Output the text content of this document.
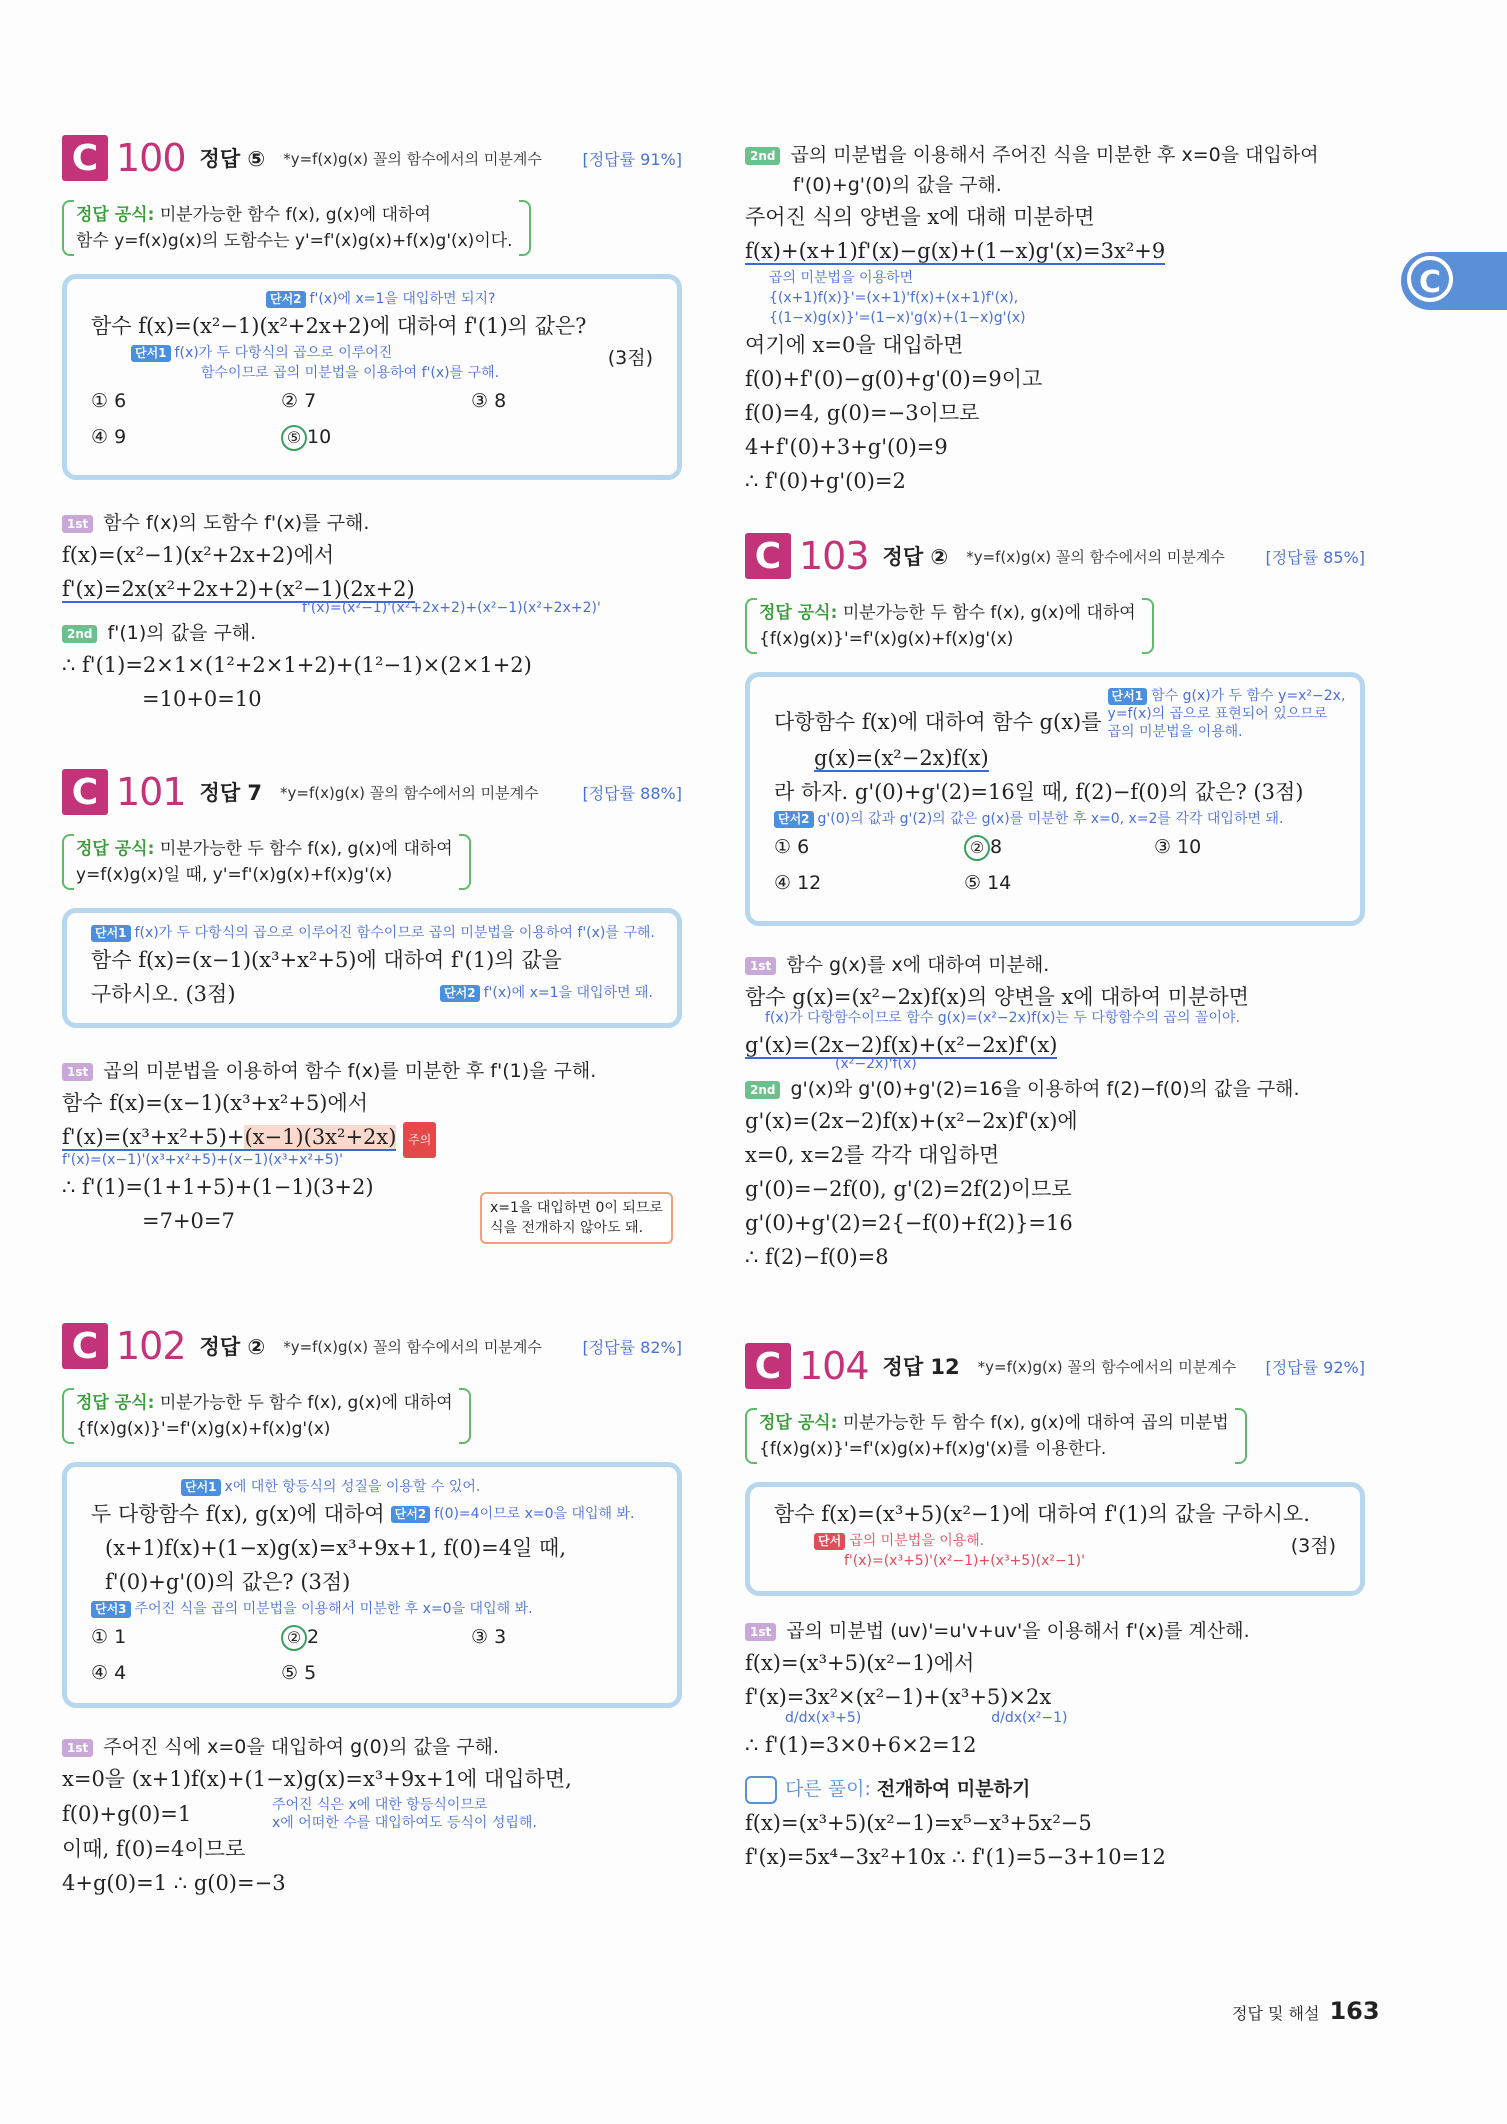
C
C 100 정답 ⑤ *y=f(x)g(x) 꼴의 함수에서의 미분계수	[정답률 91%]
정답 공식: 미분가능한 함수 f(x), g(x)에 대하여
함수 y=f(x)g(x)의 도함수는 y'=f'(x)g(x)+f(x)g'(x)이다.
단서2 f'(x)에 x=1을 대입하면 되지?
함수 f(x)=(x²−1)(x²+2x+2)에 대하여 f'(1)의 값은?
단서1 f(x)가 두 다항식의 곱으로 이루어진
함수이므로 곱의 미분법을 이용하여 f'(x)를 구해.
(3점)
① 6	② 7	③ 8
④ 9	⑤ 10
1st 함수 f(x)의 도함수 f'(x)를 구해.
f(x)=(x²−1)(x²+2x+2)에서
f'(x)=2x(x²+2x+2)+(x²−1)(2x+2)
f'(x)=(x²−1)'(x²+2x+2)+(x²−1)(x²+2x+2)'
2nd f'(1)의 값을 구해.
∴ f'(1)=2×1×(1²+2×1+2)+(1²−1)×(2×1+2)
=10+0=10
C 101 정답 7 *y=f(x)g(x) 꼴의 함수에서의 미분계수	[정답률 88%]
정답 공식: 미분가능한 두 함수 f(x), g(x)에 대하여
y=f(x)g(x)일 때, y'=f'(x)g(x)+f(x)g'(x)
단서1 f(x)가 두 다항식의 곱으로 이루어진 함수이므로 곱의 미분법을 이용하여 f'(x)를 구해.
함수 f(x)=(x−1)(x³+x²+5)에 대하여 f'(1)의 값을
구하시오. (3점)	단서2 f'(x)에 x=1을 대입하면 돼.
1st 곱의 미분법을 이용하여 함수 f(x)를 미분한 후 f'(1)을 구해.
함수 f(x)=(x−1)(x³+x²+5)에서
f'(x)=(x³+x²+5)+(x−1)(3x²+2x) 주의
f'(x)=(x−1)'(x³+x²+5)+(x−1)(x³+x²+5)'
x=1을 대입하면 0이 되므로
식을 전개하지 않아도 돼.
∴ f'(1)=(1+1+5)+(1−1)(3+2)
=7+0=7
C 102 정답 ② *y=f(x)g(x) 꼴의 함수에서의 미분계수	[정답률 82%]
정답 공식: 미분가능한 두 함수 f(x), g(x)에 대하여
{f(x)g(x)}'=f'(x)g(x)+f(x)g'(x)
단서1 x에 대한 항등식의 성질을 이용할 수 있어.
두 다항함수 f(x), g(x)에 대하여 단서2 f(0)=4이므로 x=0을 대입해 봐.
(x+1)f(x)+(1−x)g(x)=x³+9x+1, f(0)=4일 때,
f'(0)+g'(0)의 값은? (3점)
단서3 주어진 식을 곱의 미분법을 이용해서 미분한 후 x=0을 대입해 봐.
① 1	② 2	③ 3
④ 4	⑤ 5
1st 주어진 식에 x=0을 대입하여 g(0)의 값을 구해.
x=0을 (x+1)f(x)+(1−x)g(x)=x³+9x+1에 대입하면,
f(0)+g(0)=1	주어진 식은 x에 대한 항등식이므로
x에 어떠한 수를 대입하여도 등식이 성립해.
이때, f(0)=4이므로
4+g(0)=1 ∴ g(0)=−3
2nd 곱의 미분법을 이용해서 주어진 식을 미분한 후 x=0을 대입하여
f'(0)+g'(0)의 값을 구해.
주어진 식의 양변을 x에 대해 미분하면
f(x)+(x+1)f'(x)−g(x)+(1−x)g'(x)=3x²+9
곱의 미분법을 이용하면
{(x+1)f(x)}'=(x+1)'f(x)+(x+1)f'(x),
{(1−x)g(x)}'=(1−x)'g(x)+(1−x)g'(x)
여기에 x=0을 대입하면
f(0)+f'(0)−g(0)+g'(0)=9이고
f(0)=4, g(0)=−3이므로
4+f'(0)+3+g'(0)=9
∴ f'(0)+g'(0)=2
C 103 정답 ② *y=f(x)g(x) 꼴의 함수에서의 미분계수	[정답률 85%]
정답 공식: 미분가능한 두 함수 f(x), g(x)에 대하여
{f(x)g(x)}'=f'(x)g(x)+f(x)g'(x)
다항함수 f(x)에 대하여 함수 g(x)를
단서1 함수 g(x)가 두 함수 y=x²−2x,
y=f(x)의 곱으로 표현되어 있으므로
곱의 미분법을 이용해.
g(x)=(x²−2x)f(x)
라 하자. g'(0)+g'(2)=16일 때, f(2)−f(0)의 값은? (3점)
단서2 g'(0)의 값과 g'(2)의 값은 g(x)를 미분한 후 x=0, x=2를 각각 대입하면 돼.
① 6	② 8	③ 10
④ 12	⑤ 14
1st 함수 g(x)를 x에 대하여 미분해.
함수 g(x)=(x²−2x)f(x)의 양변을 x에 대하여 미분하면
f(x)가 다항함수이므로 함수 g(x)=(x²−2x)f(x)는 두 다항함수의 곱의 꼴이야.
g'(x)=(2x−2)f(x)+(x²−2x)f'(x)
(x²−2x)'f(x)
2nd g'(x)와 g'(0)+g'(2)=16을 이용하여 f(2)−f(0)의 값을 구해.
g'(x)=(2x−2)f(x)+(x²−2x)f'(x)에
x=0, x=2를 각각 대입하면
g'(0)=−2f(0), g'(2)=2f(2)이므로
g'(0)+g'(2)=2{−f(0)+f(2)}=16
∴ f(2)−f(0)=8
C 104 정답 12 *y=f(x)g(x) 꼴의 함수에서의 미분계수	[정답률 92%]
정답 공식: 미분가능한 두 함수 f(x), g(x)에 대하여 곱의 미분법
{f(x)g(x)}'=f'(x)g(x)+f(x)g'(x)를 이용한다.
함수 f(x)=(x³+5)(x²−1)에 대하여 f'(1)의 값을 구하시오.
단서 곱의 미분법을 이용해.
f'(x)=(x³+5)'(x²−1)+(x³+5)(x²−1)'
(3점)
1st 곱의 미분법 (uv)'=u'v+uv'을 이용해서 f'(x)를 계산해.
f(x)=(x³+5)(x²−1)에서
f'(x)=3x²×(x²−1)+(x³+5)×2x
d/dx(x³+5)	d/dx(x²−1)
∴ f'(1)=3×0+6×2=12
다른 풀이: 전개하여 미분하기
f(x)=(x³+5)(x²−1)=x⁵−x³+5x²−5
f'(x)=5x⁴−3x²+10x ∴ f'(1)=5−3+10=12
정답 및 해설 163
